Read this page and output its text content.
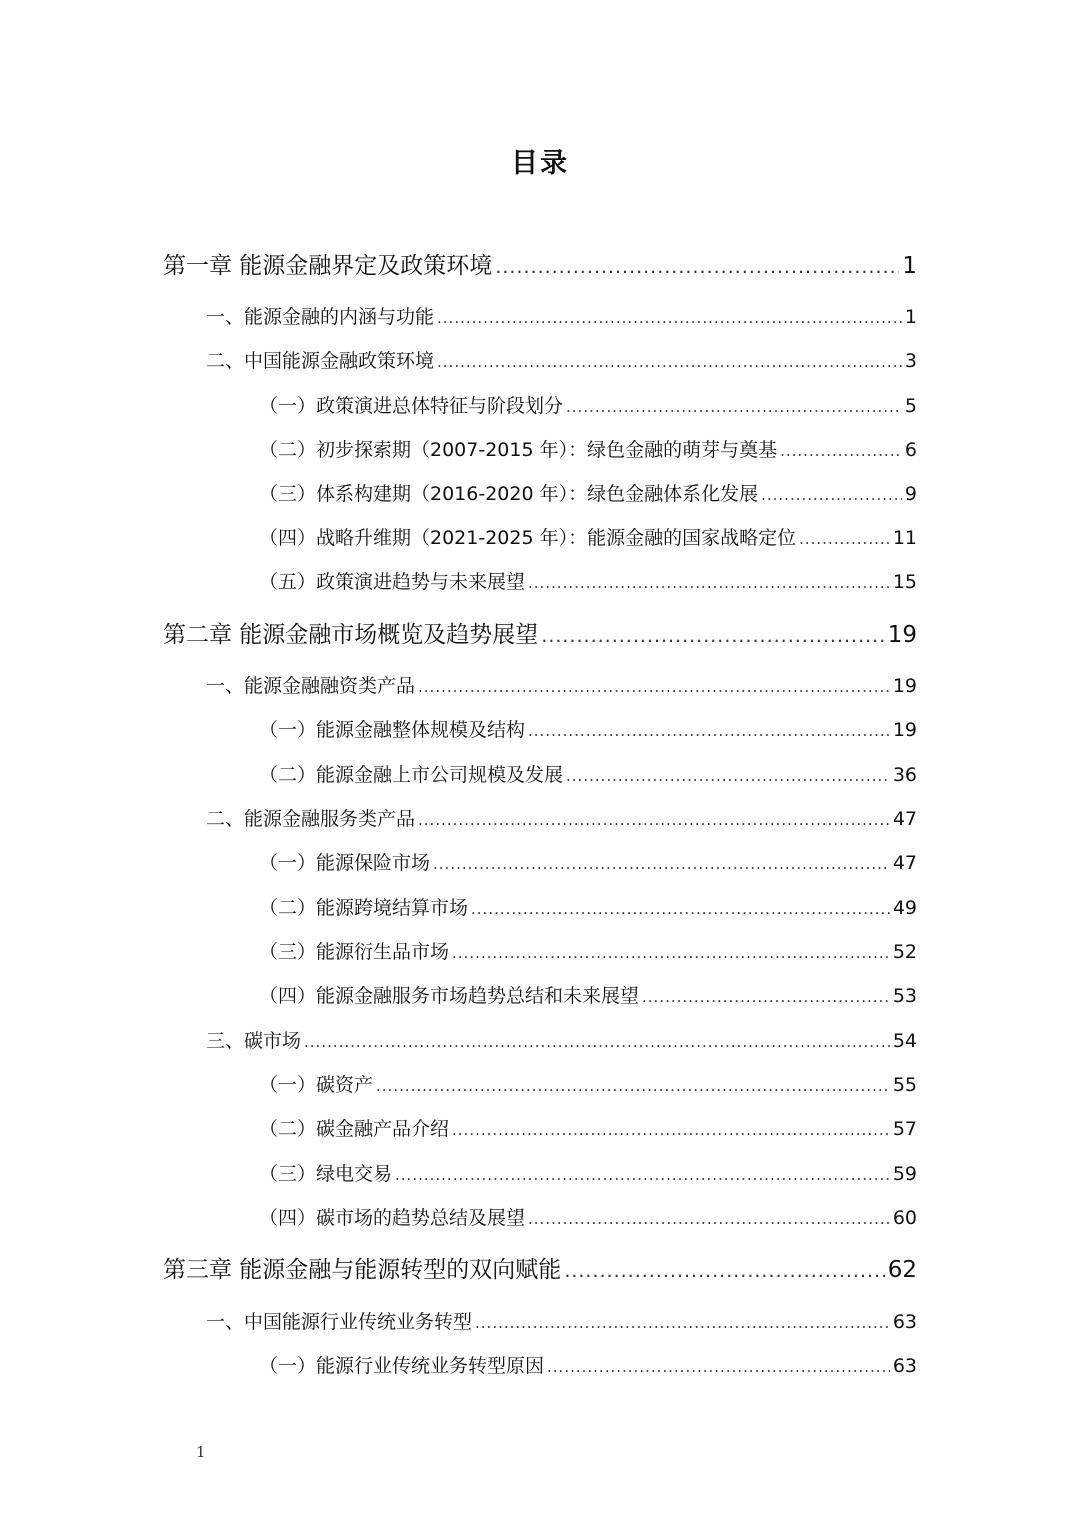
目录
第一章 能源金融界定及政策环境 .....	1
一、能源金融的内涵与功能 .....	1
二、中国能源金融政策环境 .....	3
（一）政策演进总体特征与阶段划分 .....	5
（二）初步探索期（2007-2015 年）：绿色金融的萌芽与奠基 .....	6
（三）体系构建期（2016-2020 年）：绿色金融体系化发展 .....	9
（四）战略升维期（2021-2025 年）：能源金融的国家战略定位 .....	11
（五）政策演进趋势与未来展望 .....	15
第二章 能源金融市场概览及趋势展望 .....	19
一、能源金融融资类产品 .....	19
（一）能源金融整体规模及结构 .....	19
（二）能源金融上市公司规模及发展 .....	36
二、能源金融服务类产品 .....	47
（一）能源保险市场 .....	47
（二）能源跨境结算市场 .....	49
（三）能源衍生品市场 .....	52
（四）能源金融服务市场趋势总结和未来展望 .....	53
三、碳市场 .....	54
（一）碳资产 .....	55
（二）碳金融产品介绍 .....	57
（三）绿电交易 .....	59
（四）碳市场的趋势总结及展望 .....	60
第三章 能源金融与能源转型的双向赋能 .....	62
一、中国能源行业传统业务转型 .....	63
（一）能源行业传统业务转型原因 .....	63
1
